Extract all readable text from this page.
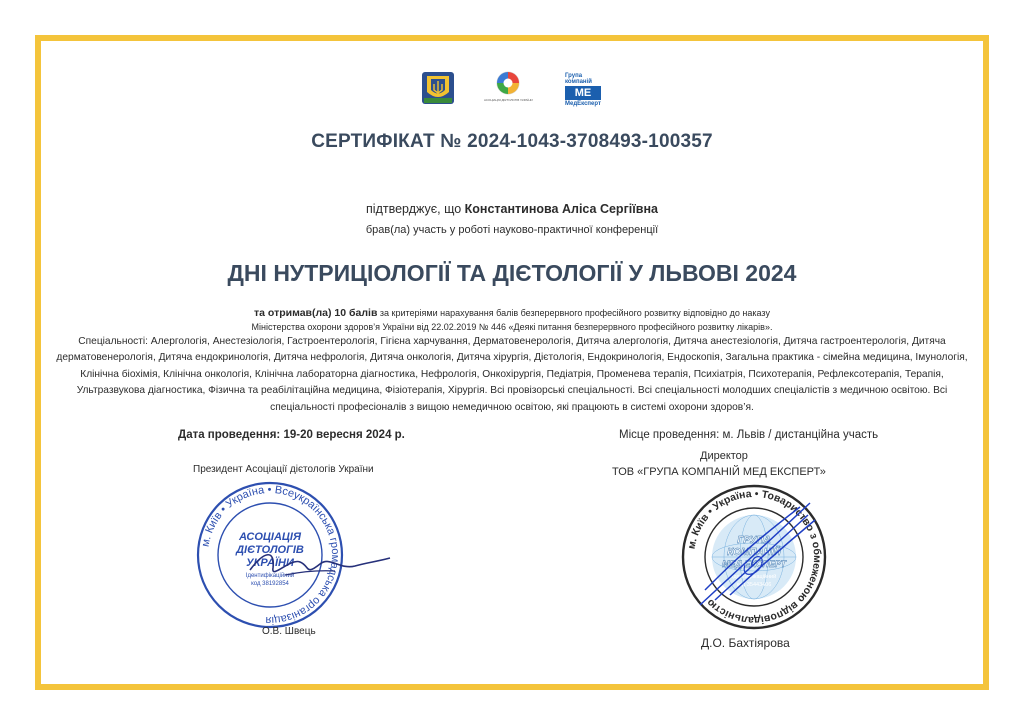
АСОЦІАЦІЯ ДІЄТОЛОГІВ УКРАЇНИ
Група компаній
МЕ
МедЕксперт
СЕРТИФІКАТ № 2024-1043-3708493-100357
підтверджує, що Константинова Аліса Сергіївна
брав(ла) участь у роботі науково-практичної конференції
ДНІ НУТРИЦІОЛОГІЇ ТА ДІЄТОЛОГІЇ У ЛЬВОВІ 2024
та отримав(ла) 10 балів за критеріями нарахування балів безперервного професійного розвитку відповідно до наказу
Міністерства охорони здоров’я України від 22.02.2019 № 446 «Деякі питання безперервного професійного розвитку лікарів».
Спеціальності: Алергологія, Анестезіологія, Гастроентерологія, Гігієна харчування, Дерматовенерологія, Дитяча алергологія, Дитяча анестезіологія, Дитяча гастроентерологія, Дитяча дерматовенерологія, Дитяча ендокринологія, Дитяча нефрологія, Дитяча онкологія, Дитяча хірургія, Дієтологія, Ендокринологія, Ендоскопія, Загальна практика - сімейна медицина, Імунологія, Клінічна біохімія, Клінічна онкологія, Клінічна лабораторна діагностика, Нефрологія, Онкохірургія, Педіатрія, Променева терапія, Психіатрія, Психотерапія, Рефлексотерапія, Терапія, Ультразвукова діагностика, Фізична та реабілітаційна медицина, Фізіотерапія, Хірургія. Всі провізорські спеціальності. Всі спеціальності молодших спеціалістів з медичною освітою. Всі спеціальності професіоналів з вищою немедичною освітою, які працюють в системі охорони здоров’я.
Дата проведення: 19-20 вересня 2024 р.	Місце проведення: м. Львів / дистанційна участь
Президент Асоціації дієтологів України
Директор
ТОВ «ГРУПА КОМПАНІЙ МЕД ЕКСПЕРТ»
м. Київ • Україна • Всеукраїнська громадська організація
АСОЦІАЦІЯ
ДІЄТОЛОГІВ
УКРАЇНИ
Ідентифікаційний
код 38192854
м. Київ • Україна • Товариство з обмеженою відповідальністю
ГРУПА
КОМПАНІЙ
МЕД ЕКСПЕРТ
Ідентифікаційний
код 35443406
О.В. Швець
Д.О. Бахтіярова
